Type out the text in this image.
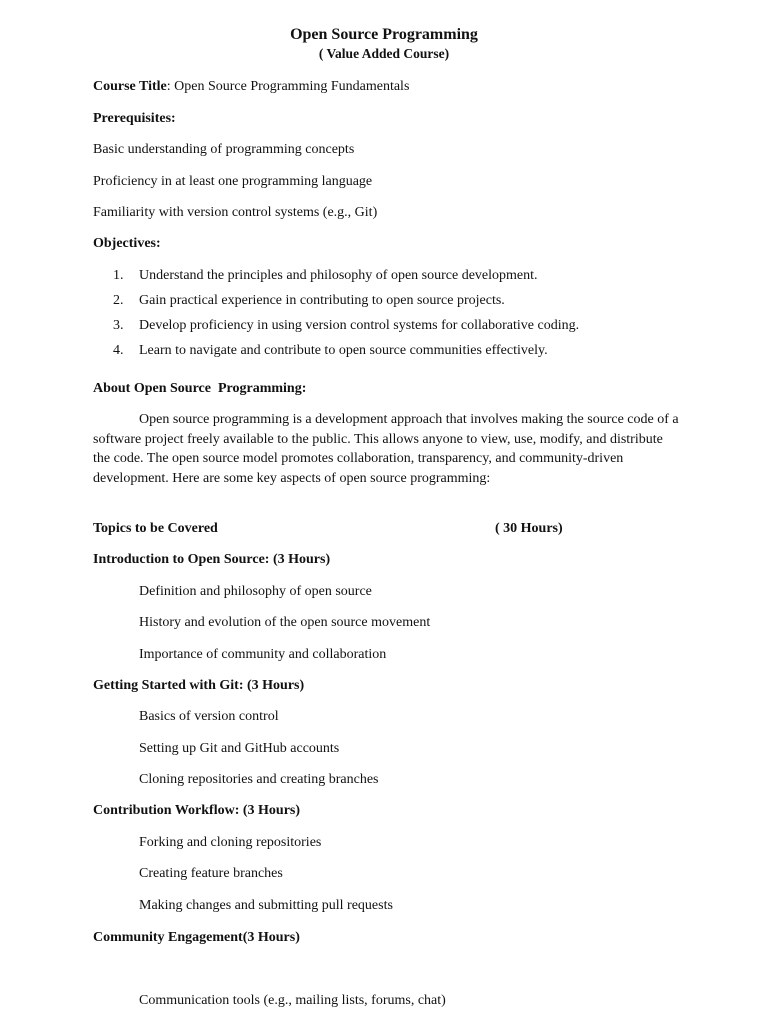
Open Source Programming
( Value Added Course)
Course Title: Open Source Programming Fundamentals
Prerequisites:
Basic understanding of programming concepts
Proficiency in at least one programming language
Familiarity with version control systems (e.g., Git)
Objectives:
1. Understand the principles and philosophy of open source development.
2. Gain practical experience in contributing to open source projects.
3. Develop proficiency in using version control systems for collaborative coding.
4. Learn to navigate and contribute to open source communities effectively.
About Open Source  Programming:
Open source programming is a development approach that involves making the source code of a software project freely available to the public. This allows anyone to view, use, modify, and distribute the code. The open source model promotes collaboration, transparency, and community-driven development. Here are some key aspects of open source programming:
Topics to be Covered	( 30 Hours)
Introduction to Open Source: (3 Hours)
Definition and philosophy of open source
History and evolution of the open source movement
Importance of community and collaboration
Getting Started with Git: (3 Hours)
Basics of version control
Setting up Git and GitHub accounts
Cloning repositories and creating branches
Contribution Workflow: (3 Hours)
Forking and cloning repositories
Creating feature branches
Making changes and submitting pull requests
Community Engagement(3 Hours)
Communication tools (e.g., mailing lists, forums, chat)
